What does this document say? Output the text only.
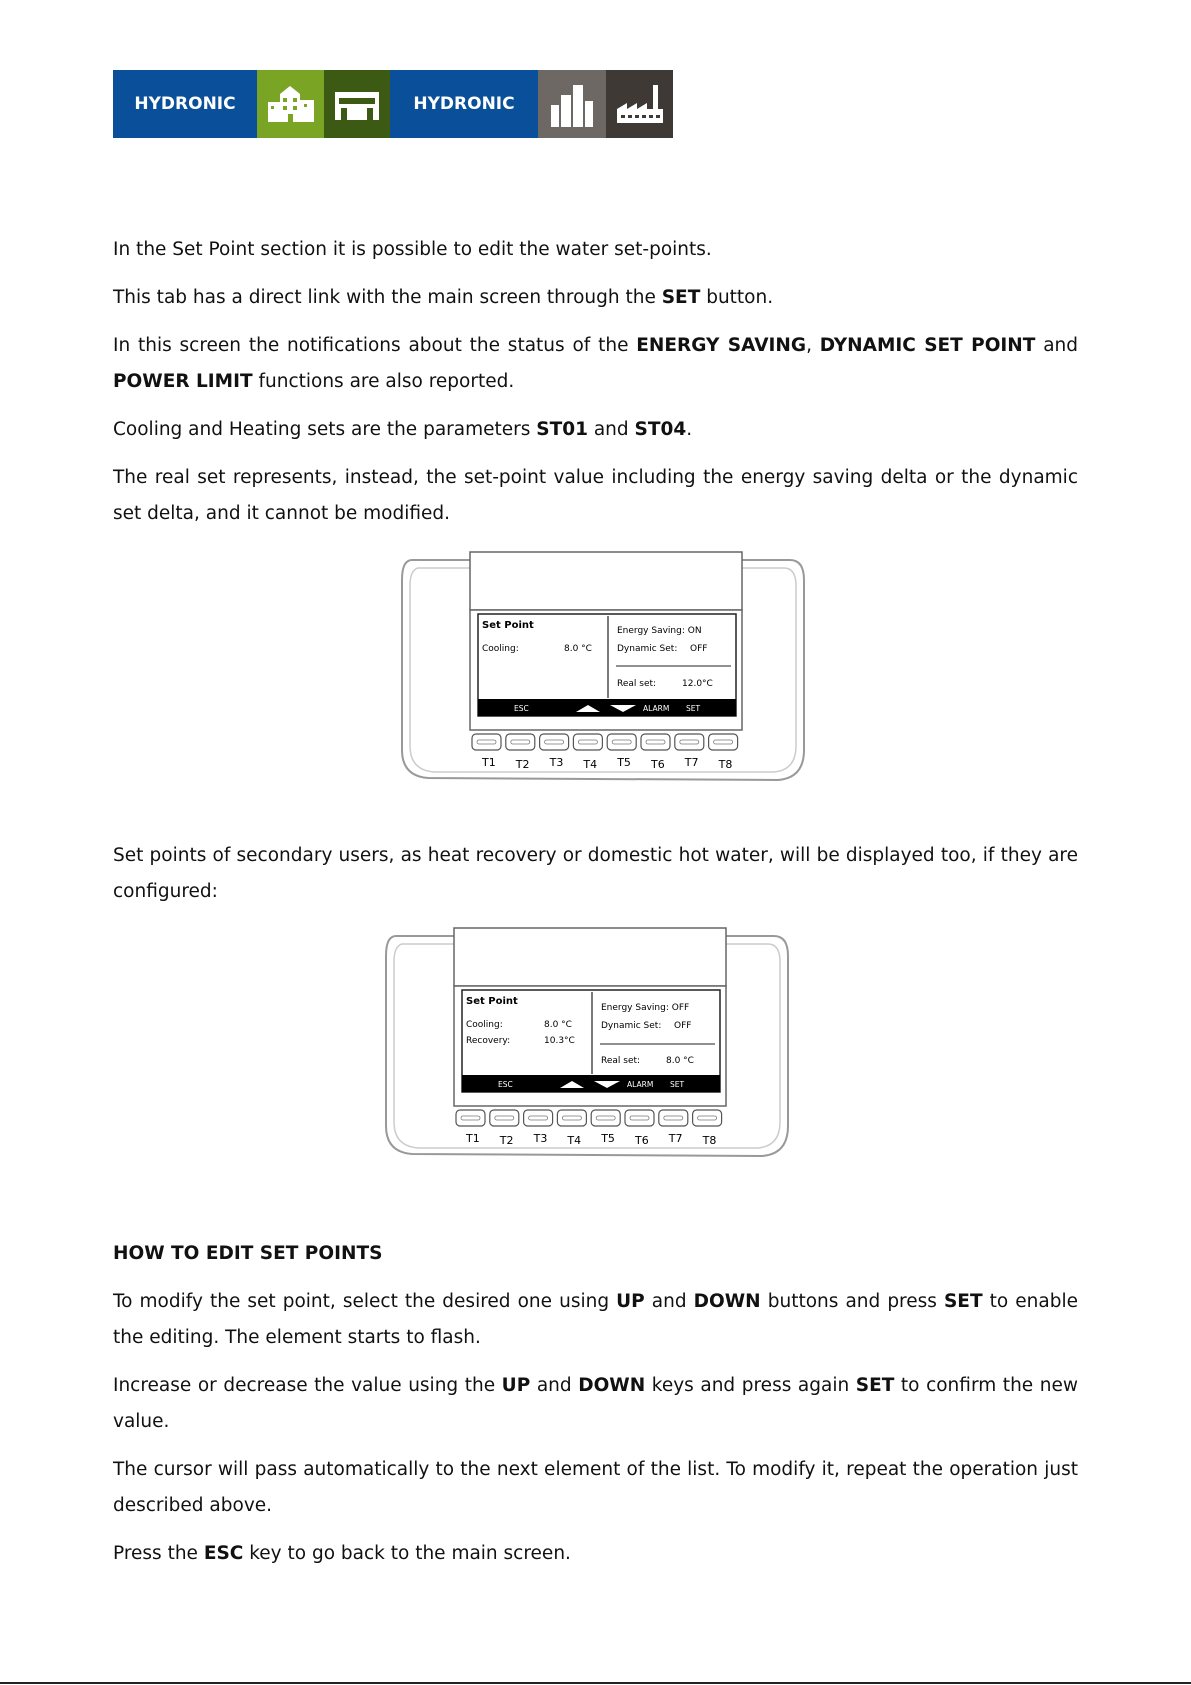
HYDRONIC	HYDRONIC

In the Set Point section it is possible to edit the water set-points.

This tab has a direct link with the main screen through the SET button.

In this screen the notifications about the status of the ENERGY SAVING, DYNAMIC SET POINT and POWER LIMIT functions are also reported.

Cooling and Heating sets are the parameters ST01 and ST04.

The real set represents, instead, the set-point value including the energy saving delta or the dynamic set delta, and it cannot be modified.

Set Point
Cooling:	8.0 °C
Energy Saving: ON
Dynamic Set: OFF
Real set:	12.0°C
ESC	ALARM SET
T1 T2 T3 T4 T5 T6 T7 T8

Set points of secondary users, as heat recovery or domestic hot water, will be displayed too, if they are configured:

Set Point
Cooling:	8.0 °C
Recovery:	10.3°C
Energy Saving: OFF
Dynamic Set: OFF
Real set:	8.0 °C
ESC	ALARM SET
T1 T2 T3 T4 T5 T6 T7 T8

HOW TO EDIT SET POINTS

To modify the set point, select the desired one using UP and DOWN buttons and press SET to enable the editing. The element starts to flash.

Increase or decrease the value using the UP and DOWN keys and press again SET to confirm the new value.

The cursor will pass automatically to the next element of the list. To modify it, repeat the operation just described above.

Press the ESC key to go back to the main screen.
